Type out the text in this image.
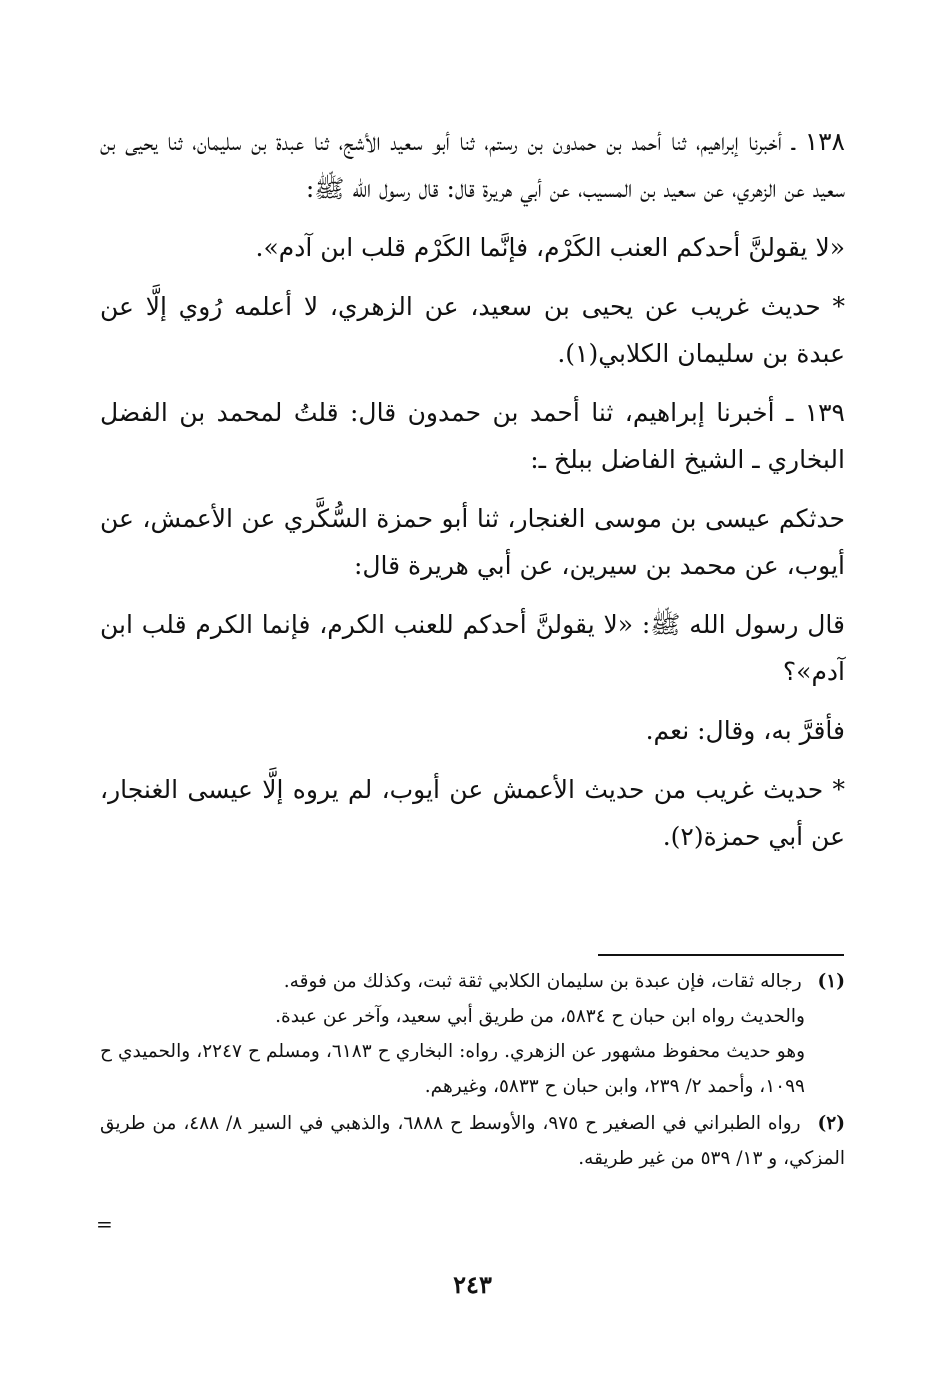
١٣٨ ـ أخبرنا إبراهيم، ثنا أحمد بن حمدون بن رستم، ثنا أبو سعيد الأشج، ثنا عبدة بن سليمان، ثنا يحيى بن سعيد عن الزهري، عن سعيد بن المسيب، عن أبي هريرة قال: قال رسول الله ﷺ:

«لا يقولنَّ أحدكم العنب الكَرْم، فإنَّما الكَرْم قلب ابن آدم».

* حديث غريب عن يحيى بن سعيد، عن الزهري، لا أعلمه رُوي إلَّا عن عبدة بن سليمان الكلابي(١).

١٣٩ ـ أخبرنا إبراهيم، ثنا أحمد بن حمدون قال: قلتُ لمحمد بن الفضل البخاري ـ الشيخ الفاضل ببلخ ـ:

حدثكم عيسى بن موسى الغنجار، ثنا أبو حمزة السُّكَّري عن الأعمش، عن أيوب، عن محمد بن سيرين، عن أبي هريرة قال:

قال رسول الله ﷺ: «لا يقولنَّ أحدكم للعنب الكرم، فإنما الكرم قلب ابن آدم»؟

فأقرَّ به، وقال: نعم.

* حديث غريب من حديث الأعمش عن أيوب، لم يروه إلَّا عيسى الغنجار، عن أبي حمزة(٢).

(١) رجاله ثقات، فإن عبدة بن سليمان الكلابي ثقة ثبت، وكذلك من فوقه.
والحديث رواه ابن حبان ح ٥٨٣٤، من طريق أبي سعيد، وآخر عن عبدة.
وهو حديث محفوظ مشهور عن الزهري. رواه: البخاري ح ٦١٨٣، ومسلم ح ٢٢٤٧، والحميدي ح ١٠٩٩، وأحمد ٢/ ٢٣٩، وابن حبان ح ٥٨٣٣، وغيرهم.
(٢) رواه الطبراني في الصغير ح ٩٧٥، والأوسط ح ٦٨٨٨، والذهبي في السير ٨/ ٤٨٨، من طريق المزكي، و ١٣/ ٥٣٩ من غير طريقه.
=
٢٤٣
